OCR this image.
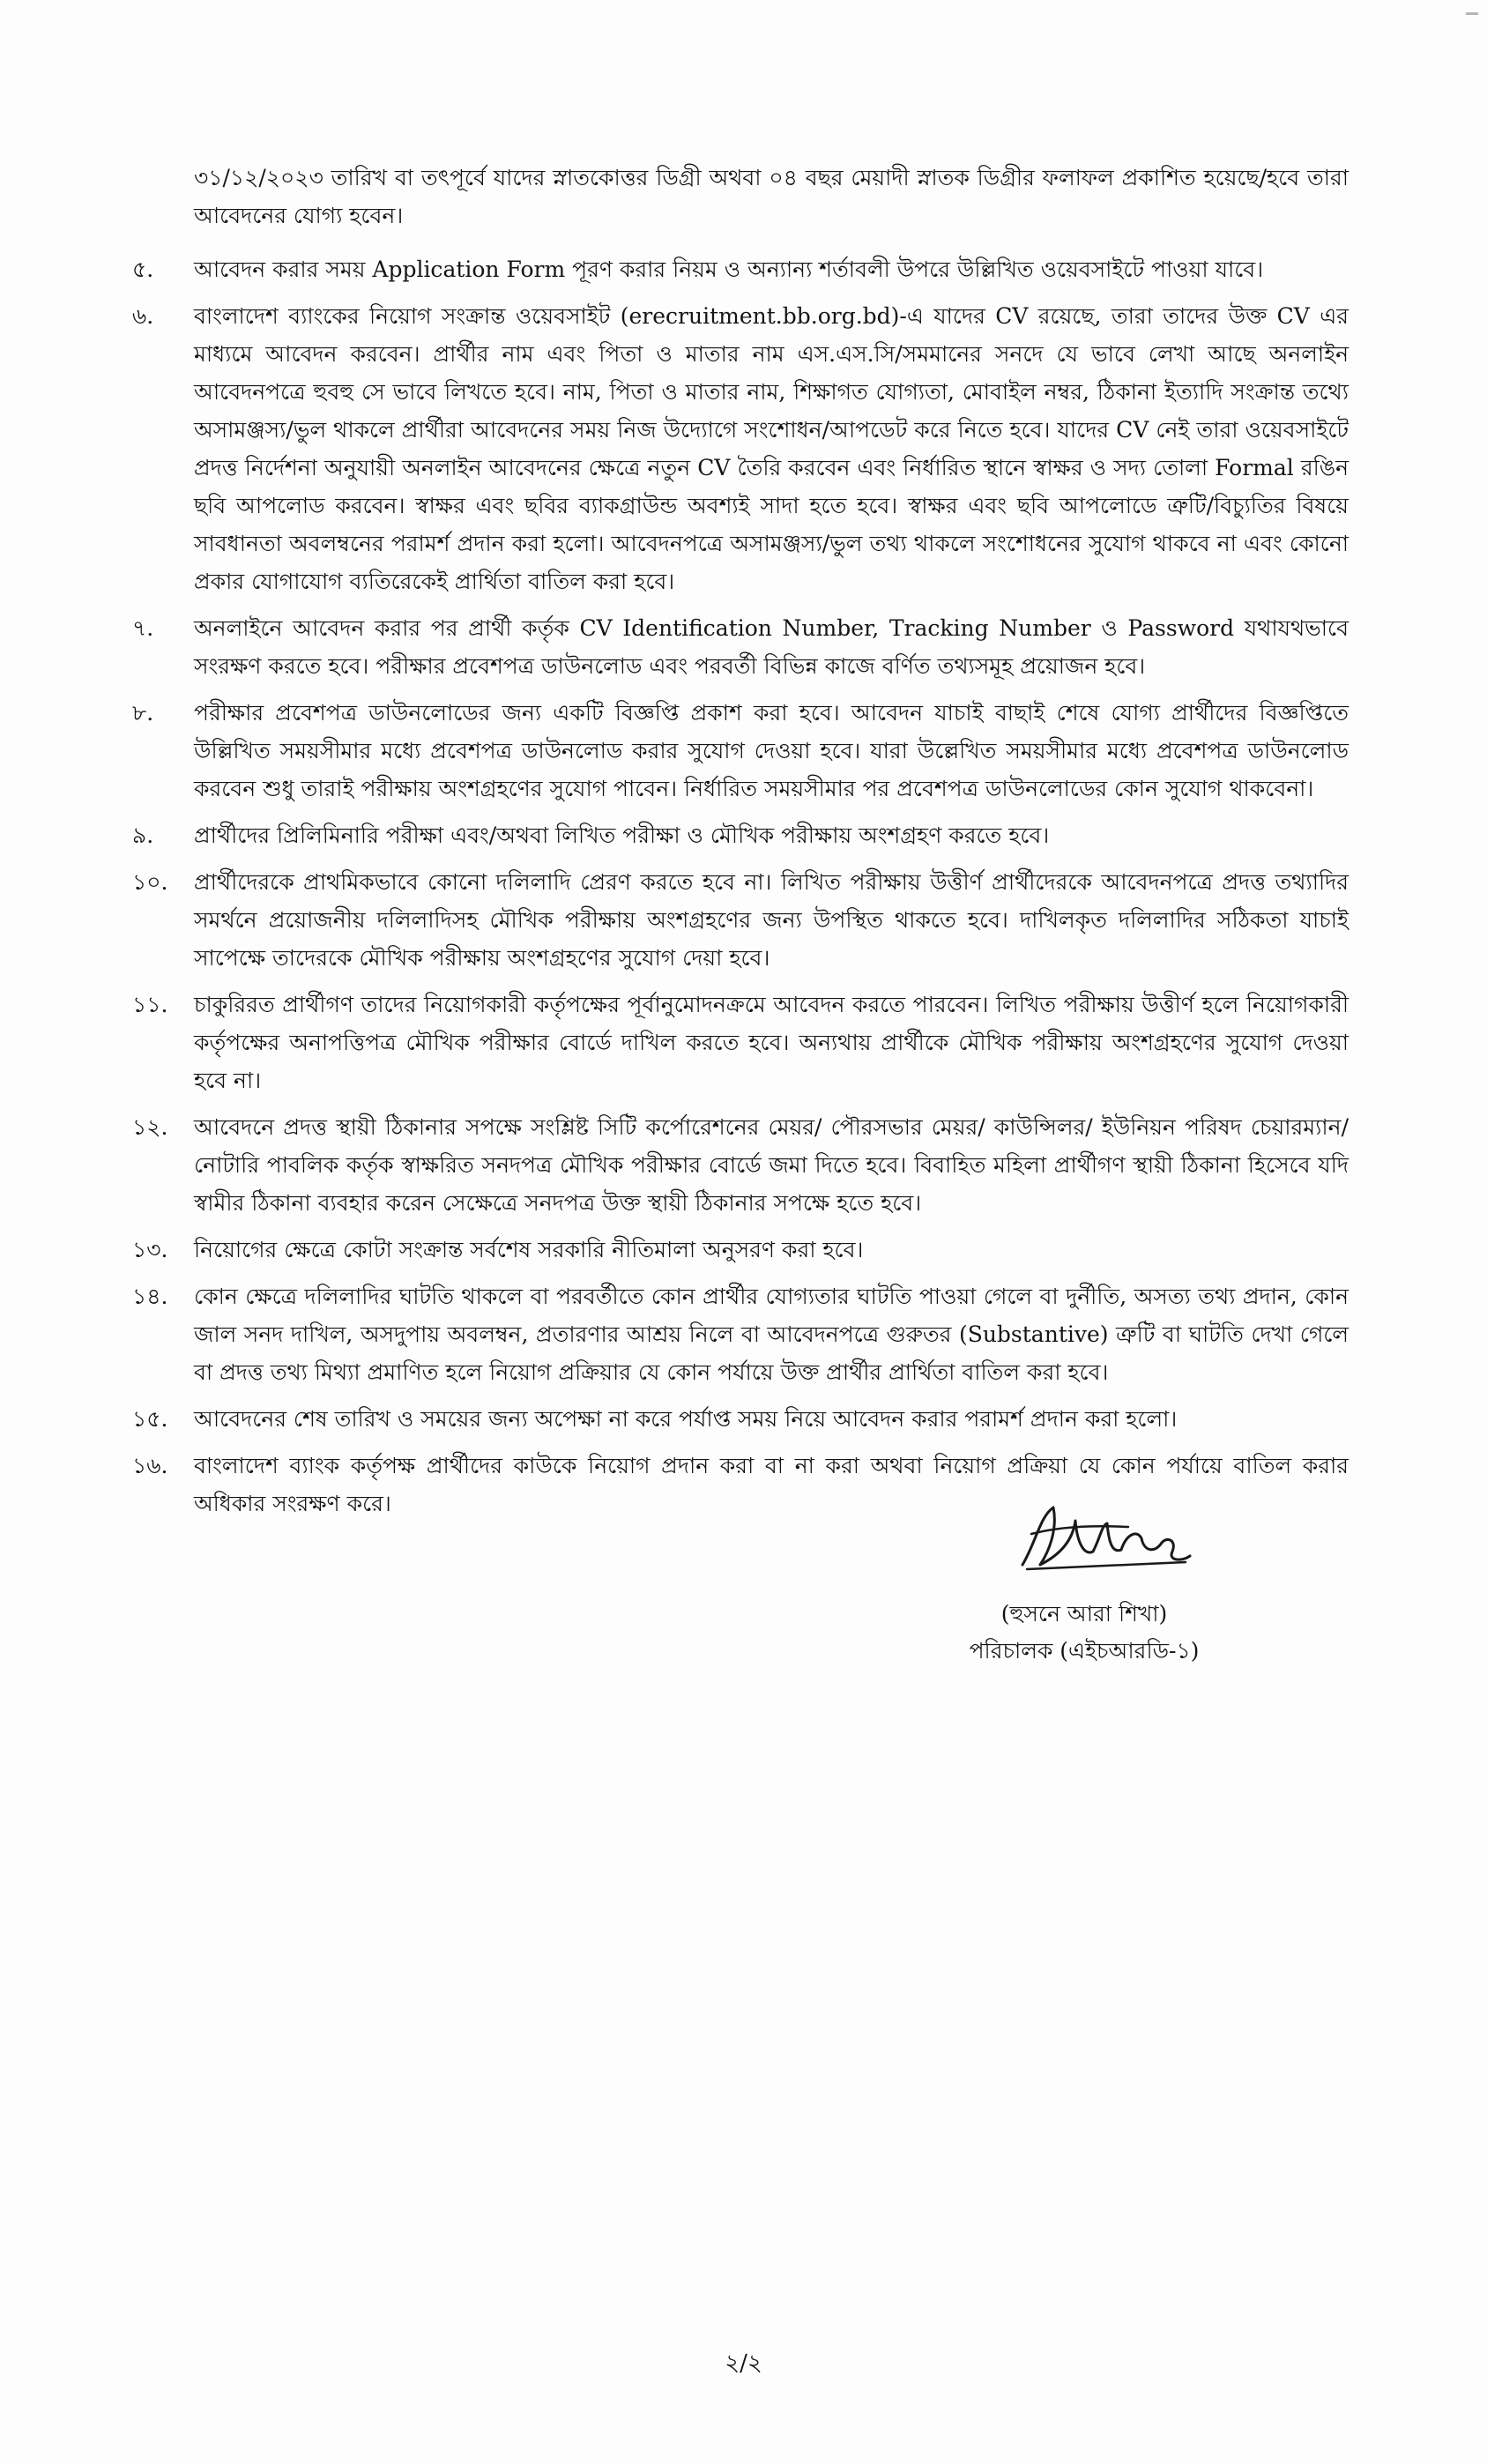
৩১/১২/২০২৩ তারিখ বা তৎপূর্বে যাদের স্নাতকোত্তর ডিগ্রী অথবা ০৪ বছর মেয়াদী স্নাতক ডিগ্রীর ফলাফল প্রকাশিত হয়েছে/হবে তারা আবেদনের যোগ্য হবেন।

৫.	আবেদন করার সময় Application Form পূরণ করার নিয়ম ও অন্যান্য শর্তাবলী উপরে উল্লিখিত ওয়েবসাইটে পাওয়া যাবে।
৬.	বাংলাদেশ ব্যাংকের নিয়োগ সংক্রান্ত ওয়েবসাইট (erecruitment.bb.org.bd)-এ যাদের CV রয়েছে, তারা তাদের উক্ত CV এর মাধ্যমে আবেদন করবেন। প্রার্থীর নাম এবং পিতা ও মাতার নাম এস.এস.সি/সমমানের সনদে যে ভাবে লেখা আছে অনলাইন আবেদনপত্রে হুবহু সে ভাবে লিখতে হবে। নাম, পিতা ও মাতার নাম, শিক্ষাগত যোগ্যতা, মোবাইল নম্বর, ঠিকানা ইত্যাদি সংক্রান্ত তথ্যে অসামঞ্জস্য/ভুল থাকলে প্রার্থীরা আবেদনের সময় নিজ উদ্যোগে সংশোধন/আপডেট করে নিতে হবে। যাদের CV নেই তারা ওয়েবসাইটে প্রদত্ত নির্দেশনা অনুযায়ী অনলাইন আবেদনের ক্ষেত্রে নতুন CV তৈরি করবেন এবং নির্ধারিত স্থানে স্বাক্ষর ও সদ্য তোলা Formal রঙিন ছবি আপলোড করবেন। স্বাক্ষর এবং ছবির ব্যাকগ্রাউন্ড অবশ্যই সাদা হতে হবে। স্বাক্ষর এবং ছবি আপলোডে ত্রুটি/বিচ্যুতির বিষয়ে সাবধানতা অবলম্বনের পরামর্শ প্রদান করা হলো। আবেদনপত্রে অসামঞ্জস্য/ভুল তথ্য থাকলে সংশোধনের সুযোগ থাকবে না এবং কোনো প্রকার যোগাযোগ ব্যতিরেকেই প্রার্থিতা বাতিল করা হবে।
৭.	অনলাইনে আবেদন করার পর প্রার্থী কর্তৃক CV Identification Number, Tracking Number ও Password যথাযথভাবে সংরক্ষণ করতে হবে। পরীক্ষার প্রবেশপত্র ডাউনলোড এবং পরবর্তী বিভিন্ন কাজে বর্ণিত তথ্যসমূহ প্রয়োজন হবে।
৮.	পরীক্ষার প্রবেশপত্র ডাউনলোডের জন্য একটি বিজ্ঞপ্তি প্রকাশ করা হবে। আবেদন যাচাই বাছাই শেষে যোগ্য প্রার্থীদের বিজ্ঞপ্তিতে উল্লিখিত সময়সীমার মধ্যে প্রবেশপত্র ডাউনলোড করার সুযোগ দেওয়া হবে। যারা উল্লেখিত সময়সীমার মধ্যে প্রবেশপত্র ডাউনলোড করবেন শুধু তারাই পরীক্ষায় অংশগ্রহণের সুযোগ পাবেন। নির্ধারিত সময়সীমার পর প্রবেশপত্র ডাউনলোডের কোন সুযোগ থাকবেনা।
৯.	প্রার্থীদের প্রিলিমিনারি পরীক্ষা এবং/অথবা লিখিত পরীক্ষা ও মৌখিক পরীক্ষায় অংশগ্রহণ করতে হবে।
১০.	প্রার্থীদেরকে প্রাথমিকভাবে কোনো দলিলাদি প্রেরণ করতে হবে না। লিখিত পরীক্ষায় উত্তীর্ণ প্রার্থীদেরকে আবেদনপত্রে প্রদত্ত তথ্যাদির সমর্থনে প্রয়োজনীয় দলিলাদিসহ মৌখিক পরীক্ষায় অংশগ্রহণের জন্য উপস্থিত থাকতে হবে। দাখিলকৃত দলিলাদির সঠিকতা যাচাই সাপেক্ষে তাদেরকে মৌখিক পরীক্ষায় অংশগ্রহণের সুযোগ দেয়া হবে।
১১.	চাকুরিরত প্রার্থীগণ তাদের নিয়োগকারী কর্তৃপক্ষের পূর্বানুমোদনক্রমে আবেদন করতে পারবেন। লিখিত পরীক্ষায় উত্তীর্ণ হলে নিয়োগকারী কর্তৃপক্ষের অনাপত্তিপত্র মৌখিক পরীক্ষার বোর্ডে দাখিল করতে হবে। অন্যথায় প্রার্থীকে মৌখিক পরীক্ষায় অংশগ্রহণের সুযোগ দেওয়া হবে না।
১২.	আবেদনে প্রদত্ত স্থায়ী ঠিকানার সপক্ষে সংশ্লিষ্ট সিটি কর্পোরেশনের মেয়র/ পৌরসভার মেয়র/ কাউন্সিলর/ ইউনিয়ন পরিষদ চেয়ারম্যান/ নোটারি পাবলিক কর্তৃক স্বাক্ষরিত সনদপত্র মৌখিক পরীক্ষার বোর্ডে জমা দিতে হবে। বিবাহিত মহিলা প্রার্থীগণ স্থায়ী ঠিকানা হিসেবে যদি স্বামীর ঠিকানা ব্যবহার করেন সেক্ষেত্রে সনদপত্র উক্ত স্থায়ী ঠিকানার সপক্ষে হতে হবে।
১৩.	নিয়োগের ক্ষেত্রে কোটা সংক্রান্ত সর্বশেষ সরকারি নীতিমালা অনুসরণ করা হবে।
১৪.	কোন ক্ষেত্রে দলিলাদির ঘাটতি থাকলে বা পরবর্তীতে কোন প্রার্থীর যোগ্যতার ঘাটতি পাওয়া গেলে বা দুর্নীতি, অসত্য তথ্য প্রদান, কোন জাল সনদ দাখিল, অসদুপায় অবলম্বন, প্রতারণার আশ্রয় নিলে বা আবেদনপত্রে গুরুতর (Substantive) ত্রুটি বা ঘাটতি দেখা গেলে বা প্রদত্ত তথ্য মিথ্যা প্রমাণিত হলে নিয়োগ প্রক্রিয়ার যে কোন পর্যায়ে উক্ত প্রার্থীর প্রার্থিতা বাতিল করা হবে।
১৫.	আবেদনের শেষ তারিখ ও সময়ের জন্য অপেক্ষা না করে পর্যাপ্ত সময় নিয়ে আবেদন করার পরামর্শ প্রদান করা হলো।
১৬.	বাংলাদেশ ব্যাংক কর্তৃপক্ষ প্রার্থীদের কাউকে নিয়োগ প্রদান করা বা না করা অথবা নিয়োগ প্রক্রিয়া যে কোন পর্যায়ে বাতিল করার অধিকার সংরক্ষণ করে।
(হুসনে আরা শিখা)
পরিচালক (এইচআরডি-১)
২/২
